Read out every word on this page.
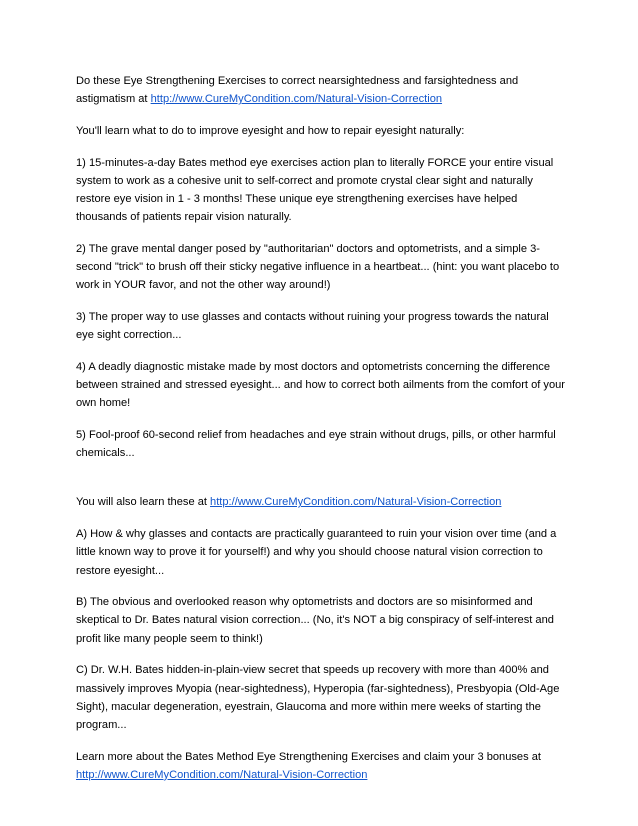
Do these Eye Strengthening Exercises to correct nearsightedness and farsightedness and astigmatism at http://www.CureMyCondition.com/Natural-Vision-Correction

You'll learn what to do to improve eyesight and how to repair eyesight naturally:

1) 15-minutes-a-day Bates method eye exercises action plan to literally FORCE your entire visual system to work as a cohesive unit to self-correct and promote crystal clear sight and naturally restore eye vision in 1 - 3 months! These unique eye strengthening exercises have helped thousands of patients repair vision naturally.

2) The grave mental danger posed by "authoritarian" doctors and optometrists, and a simple 3-second "trick" to brush off their sticky negative influence in a heartbeat... (hint: you want placebo to work in YOUR favor, and not the other way around!)

3) The proper way to use glasses and contacts without ruining your progress towards the natural eye sight correction...

4) A deadly diagnostic mistake made by most doctors and optometrists concerning the difference between strained and stressed eyesight... and how to correct both ailments from the comfort of your own home!

5) Fool-proof 60-second relief from headaches and eye strain without drugs, pills, or other harmful chemicals...

You will also learn these at http://www.CureMyCondition.com/Natural-Vision-Correction

A) How & why glasses and contacts are practically guaranteed to ruin your vision over time (and a little known way to prove it for yourself!) and why you should choose natural vision correction to restore eyesight...

B) The obvious and overlooked reason why optometrists and doctors are so misinformed and skeptical to Dr. Bates natural vision correction... (No, it's NOT a big conspiracy of self-interest and profit like many people seem to think!)

C) Dr. W.H. Bates hidden-in-plain-view secret that speeds up recovery with more than 400% and massively improves Myopia (near-sightedness), Hyperopia (far-sightedness), Presbyopia (Old-Age Sight), macular degeneration, eyestrain, Glaucoma and more within mere weeks of starting the program...

Learn more about the Bates Method Eye Strengthening Exercises and claim your 3 bonuses at http://www.CureMyCondition.com/Natural-Vision-Correction
